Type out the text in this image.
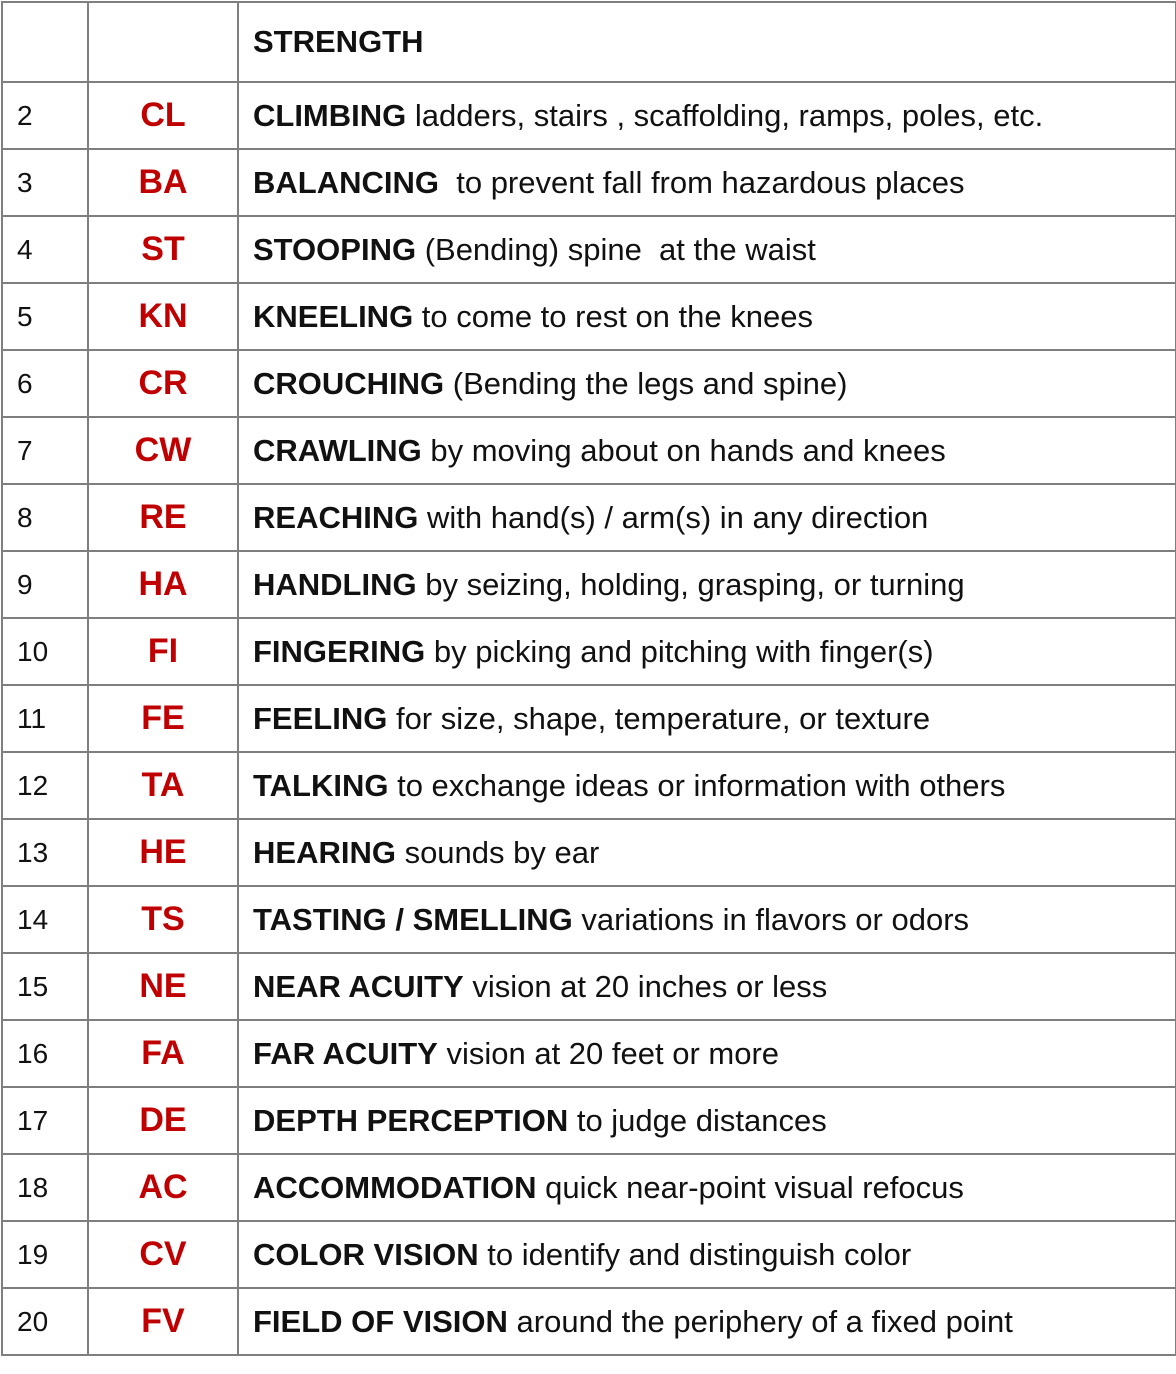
		STRENGTH
2	CL	CLIMBING ladders, stairs , scaffolding, ramps, poles, etc.
3	BA	BALANCING  to prevent fall from hazardous places
4	ST	STOOPING (Bending) spine  at the waist
5	KN	KNEELING to come to rest on the knees
6	CR	CROUCHING (Bending the legs and spine)
7	CW	CRAWLING by moving about on hands and knees
8	RE	REACHING with hand(s) / arm(s) in any direction
9	HA	HANDLING by seizing, holding, grasping, or turning
10	FI	FINGERING by picking and pitching with finger(s)
11	FE	FEELING for size, shape, temperature, or texture
12	TA	TALKING to exchange ideas or information with others
13	HE	HEARING sounds by ear
14	TS	TASTING / SMELLING variations in flavors or odors
15	NE	NEAR ACUITY vision at 20 inches or less
16	FA	FAR ACUITY vision at 20 feet or more
17	DE	DEPTH PERCEPTION to judge distances
18	AC	ACCOMMODATION quick near-point visual refocus
19	CV	COLOR VISION to identify and distinguish color
20	FV	FIELD OF VISION around the periphery of a fixed point
